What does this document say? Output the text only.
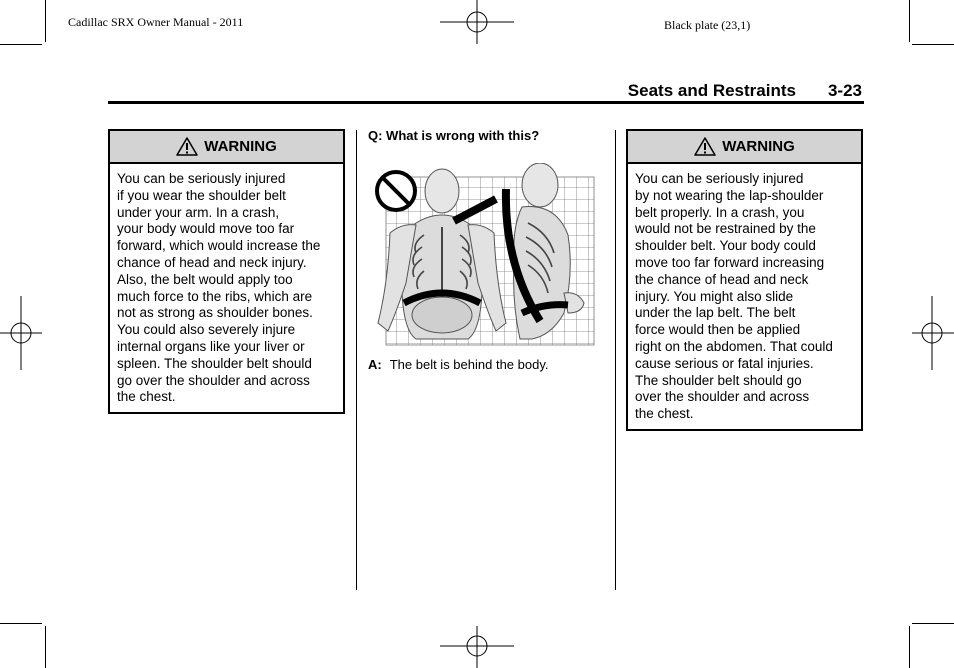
Cadillac SRX Owner Manual - 2011	Black plate (23,1)
Seats and Restraints 3-23
WARNING
You can be seriously injured
if you wear the shoulder belt
under your arm. In a crash,
your body would move too far
forward, which would increase the
chance of head and neck injury.
Also, the belt would apply too
much force to the ribs, which are
not as strong as shoulder bones.
You could also severely injure
internal organs like your liver or
spleen. The shoulder belt should
go over the shoulder and across
the chest.
Q: What is wrong with this?
A: The belt is behind the body.
WARNING
You can be seriously injured
by not wearing the lap-shoulder
belt properly. In a crash, you
would not be restrained by the
shoulder belt. Your body could
move too far forward increasing
the chance of head and neck
injury. You might also slide
under the lap belt. The belt
force would then be applied
right on the abdomen. That could
cause serious or fatal injuries.
The shoulder belt should go
over the shoulder and across
the chest.
